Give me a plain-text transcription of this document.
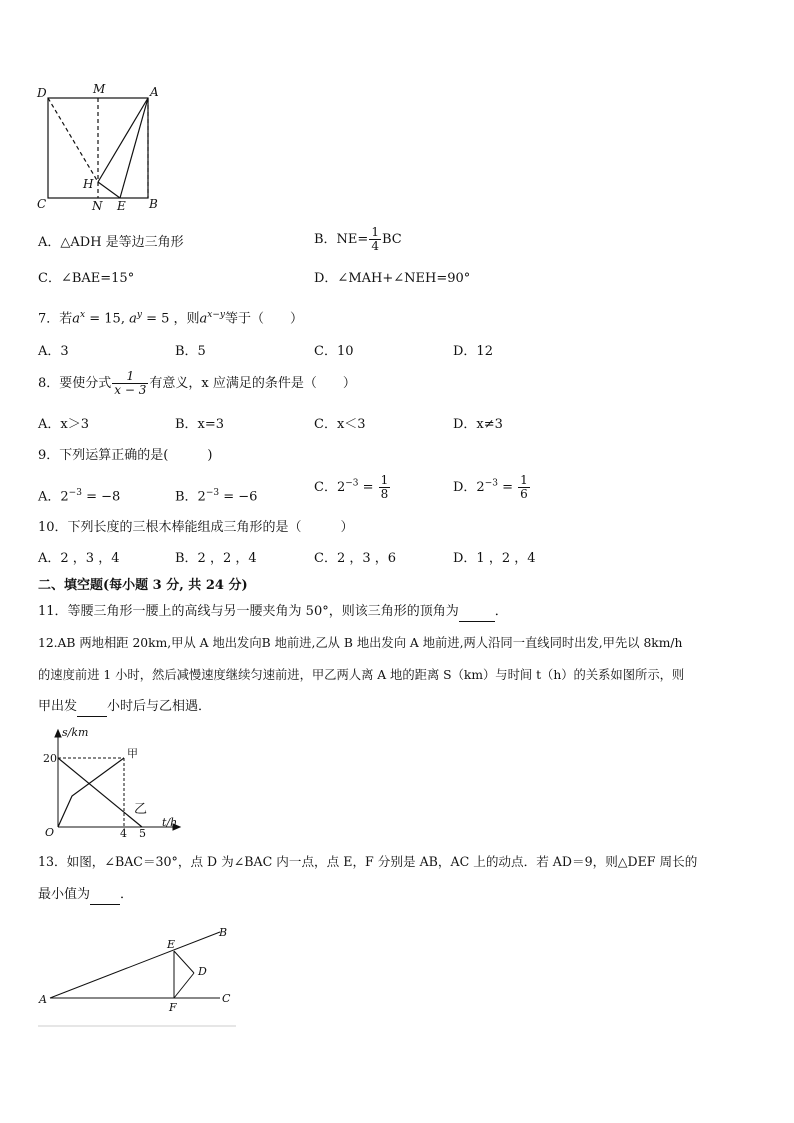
D	M	A
H
C	N E B
A．△ADH 是等边三角形	B．$NE= \frac{1}{4}$ BC
C．∠BAE=15°	D．∠MAH+∠NEH=90°
7．若$a^x = 15$, $a^y = 5$ ，则$a^{x-y}$等于（　　）
A．3	B．5	C．10	D．12
8．要使分式 $\frac{1}{x - 3}$ 有意义，x 应满足的条件是（　　）
A．x＞3	B．x=3	C．x＜3	D．x≠3
9．下列运算正确的是(　　　)
A．$2^{-3} = -8$	B．$2^{-3} = -6$
C．$2^{-3} = \frac{1}{8}$	D．$2^{-3} = \frac{1}{6}$
10．下列长度的三根木棒能组成三角形的是（　　　）
A．2 ，3 ，4	B．2 ，2 ，4	C．2 ，3 ，6	D．1 ，2 ，4
二、填空题(每小题 3 分, 共 24 分)
11．等腰三角形一腰上的高线与另一腰夹角为 50°，则该三角形的顶角为	．
12.AB 两地相距 20km,甲从 A 地出发向B 地前进,乙从 B 地出发向 A 地前进,两人沿同一直线同时出发,甲先以 8km/h
的速度前进 1 小时，然后减慢速度继续匀速前进，甲乙两人离 A 地的距离 S（km）与时间 t（h）的关系如图所示，则
甲出发 小时后与乙相遇．
s/km
t/h
O
20
4 5
甲
乙
13．如图，∠BAC＝30°，点 D 为∠BAC 内一点，点 E，F 分别是 AB，AC 上的动点．若 AD＝9，则△DEF 周长的
最小值为 ．
A
B
C
D
E
F
